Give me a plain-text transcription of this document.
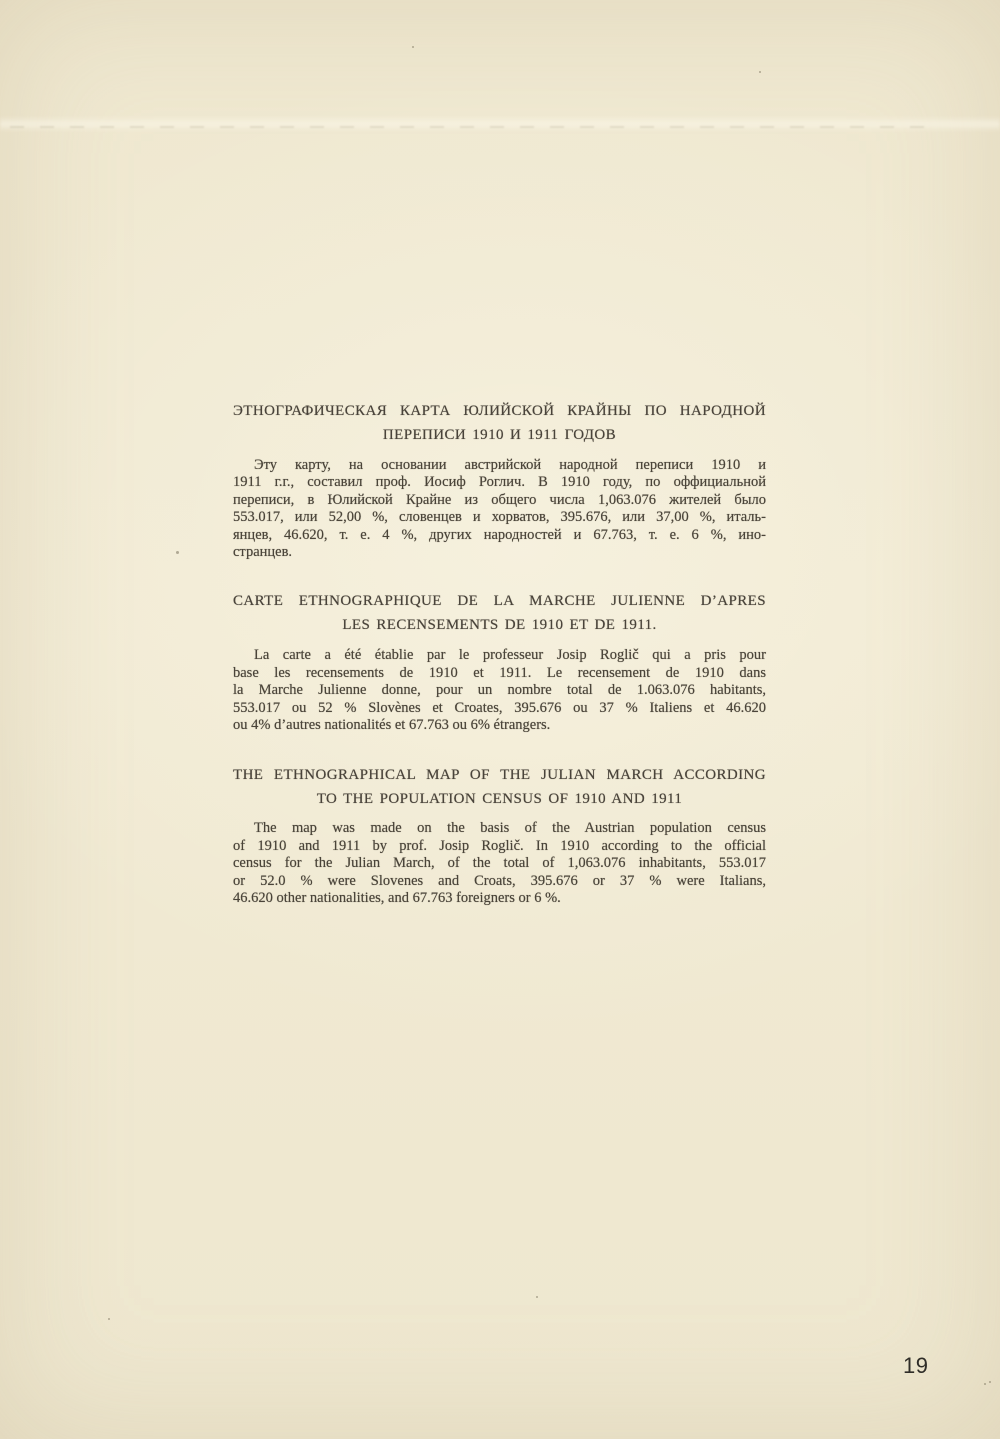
ЭТНОГРАФИЧЕСКАЯ КАРТА ЮЛИЙСКОЙ КРАЙНЫ ПО НАРОДНОЙ
ПЕРЕПИСИ 1910 И 1911 ГОДОВ
Эту карту, на основании австрийской народной переписи 1910 и
1911 г.г., составил проф. Иосиф Роглич. В 1910 году, по оффициальной
переписи, в Юлийской Крайне из общего числа 1,063.076 жителей было
553.017, или 52,00 %, словенцев и хорватов, 395.676, или 37,00 %, италь-
янцев, 46.620, т. е. 4 %, других народностей и 67.763, т. е. 6 %, ино-
странцев.
CARTE ETHNOGRAPHIQUE DE LA MARCHE JULIENNE D’APRES
LES RECENSEMENTS DE 1910 ET DE 1911.
La carte a été établie par le professeur Josip Roglič qui a pris pour
base les recensements de 1910 et 1911. Le recensement de 1910 dans
la Marche Julienne donne, pour un nombre total de 1.063.076 habitants,
553.017 ou 52 % Slovènes et Croates, 395.676 ou 37 % Italiens et 46.620
ou 4% d’autres nationalités et 67.763 ou 6% étrangers.
THE ETHNOGRAPHICAL MAP OF THE JULIAN MARCH ACCORDING
TO THE POPULATION CENSUS OF 1910 AND 1911
The map was made on the basis of the Austrian population census
of 1910 and 1911 by prof. Josip Roglič. In 1910 according to the official
census for the Julian March, of the total of 1,063.076 inhabitants, 553.017
or 52.0 % were Slovenes and Croats, 395.676 or 37 % were Italians,
46.620 other nationalities, and 67.763 foreigners or 6 %.
19
